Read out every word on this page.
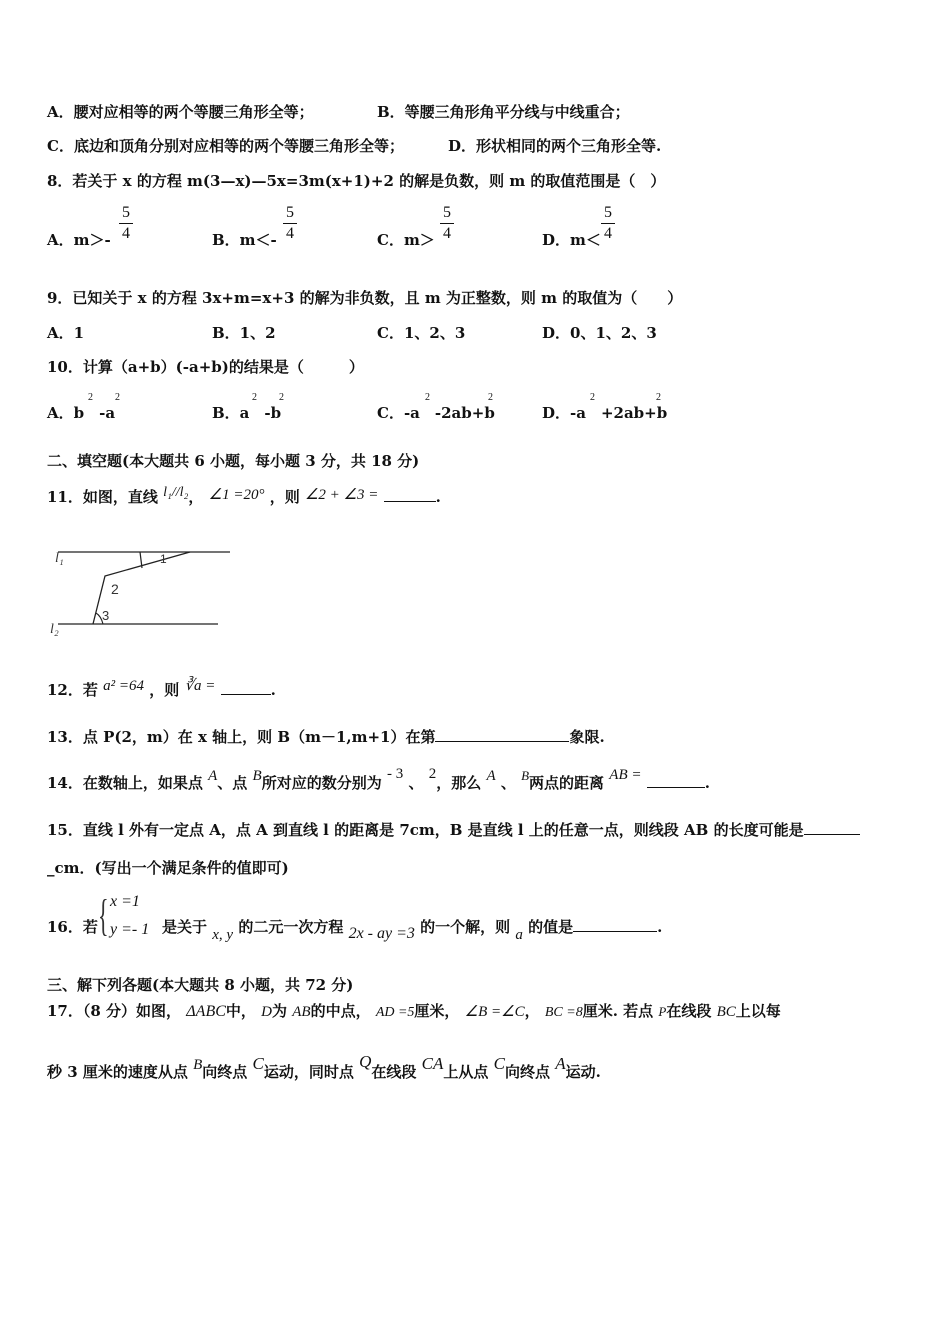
A．腰对应相等的两个等腰三角形全等；	B．等腰三角形角平分线与中线重合；
C．底边和顶角分别对应相等的两个等腰三角形全等；	D．形状相同的两个三角形全等.
8．若关于 x 的方程 m(3—x)—5x=3m(x+1)+2 的解是负数，则 m 的取值范围是（　）
A．m＞-
5
4	B．m＜-
5
4	C．m＞
5
4	D．m＜
5
4
9．已知关于 x 的方程 3x+m=x+3 的解为非负数，且 m 为正整数，则 m 的取值为（　　）
A．1	B．1、2	C．1、2、3	D．0、1、2、3
10．计算（a+b）(-a+b)的结果是（　　　）
A．b　-a
2 2
B．a　-b
2 2
C．-a　-2ab+b
2	2
D．-a　+2ab+b
2	2
二、填空题(本大题共 6 小题，每小题 3 分，共 18 分)
11．如图，直线 l₁//l₂， ∠1 =20° ，则 ∠2 + ∠3 =	.
l₁
l₂
1
2
3
12．若 a² =64 ，则 ∛a =	.
13．点 P(2，m）在 x 轴上，则 B（m－1,m+1）在第	象限.
14．在数轴上，如果点 A、点 B所对应的数分别为 - 3 、 2，那么 A 、 B两点的距离 AB =	.
15．直线 l 外有一定点 A，点 A 到直线 l 的距离是 7cm，B 是直线 l 上的任意一点，则线段 AB 的长度可能是
_cm．(写出一个满足条件的值即可)
16．若 { x =1
y =- 1 是关于 x, y 的二元一次方程 2x - ay =3 的一个解，则 a 的值是	.
三、解下列各题(本大题共 8 小题，共 72 分)
17．（8 分）如图， ΔABC中， D为 AB的中点， AD =5厘米， ∠B =∠C， BC =8厘米. 若点 P在线段 BC上以每
秒 3 厘米的速度从点 B向终点 C运动，同时点 Q在线段 CA上从点 C向终点 A运动.
